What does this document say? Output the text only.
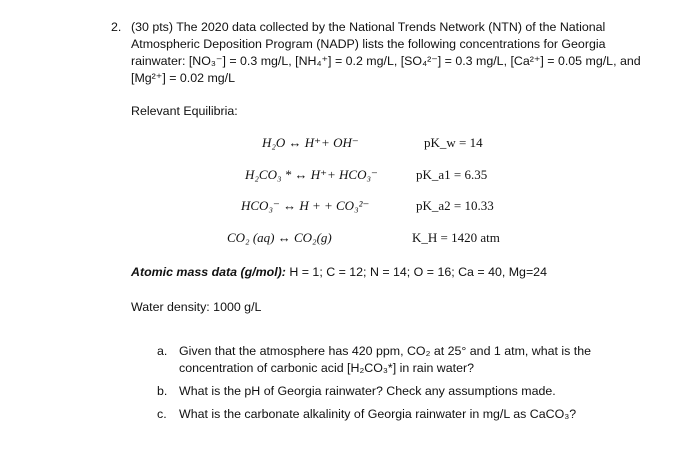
2. (30 pts) The 2020 data collected by the National Trends Network (NTN) of the National
Atmospheric Deposition Program (NADP) lists the following concentrations for Georgia
rainwater: [NO₃⁻] = 0.3 mg/L, [NH₄⁺] = 0.2 mg/L, [SO₄²⁻] = 0.3 mg/L, [Ca²⁺] = 0.05 mg/L, and
[Mg²⁺] = 0.02 mg/L
Relevant Equilibria:
H₂O ↔ H⁺+ OH⁻
H₂CO₃ * ↔ H⁺+ HCO₃⁻
HCO₃⁻ ↔ H + + CO₃²⁻
CO₂ (aq) ↔ CO₂(g)
pK_w = 14
pK_a1 = 6.35
pK_a2 = 10.33
K_H = 1420 atm
Atomic mass data (g/mol): H = 1; C = 12; N = 14; O = 16; Ca = 40, Mg=24
Water density: 1000 g/L
a. Given that the atmosphere has 420 ppm, CO₂ at 25° and 1 atm, what is the
concentration of carbonic acid [H₂CO₃*] in rain water?
b. What is the pH of Georgia rainwater? Check any assumptions made.
c. What is the carbonate alkalinity of Georgia rainwater in mg/L as CaCO₃?
